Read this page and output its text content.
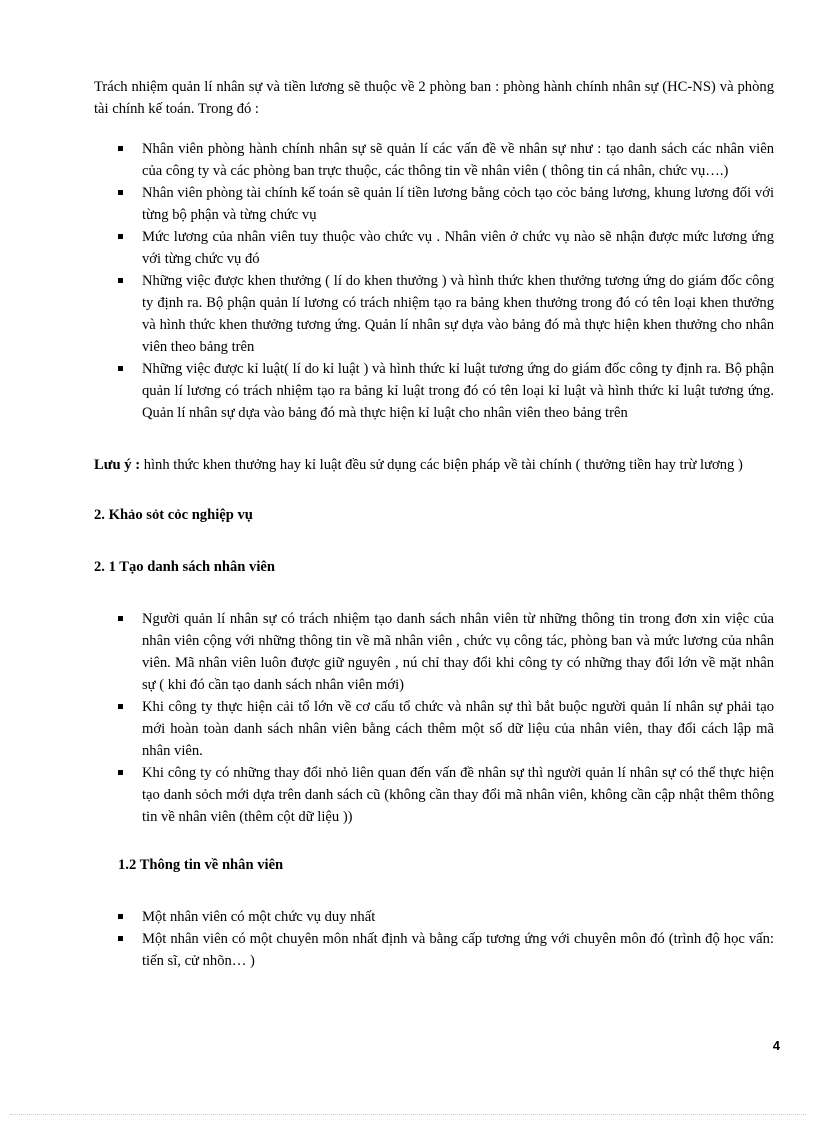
Trách nhiệm quản lí nhân sự và tiền lương sẽ thuộc về 2 phòng ban : phòng hành chính nhân sự (HC-NS) và phòng tài chính kế toán. Trong đó :

Nhân viên phòng hành chính nhân sự sẽ quản lí các vấn đề về nhân sự như : tạo danh sách các nhân viên của công ty và các phòng ban trực thuộc, các thông tin về nhân viên ( thông tin cá nhân, chức vụ….)
Nhân viên phòng tài chính kế toán sẽ quản lí tiền lương bằng cỏch tạo cỏc bảng lương, khung lương đối với từng bộ phận và từng chức vụ
Mức lương của nhân viên tuy thuộc vào chức vụ . Nhân viên ở chức vụ nào sẽ nhận được mức lương ứng với từng chức vụ đó
Những việc được khen thưởng ( lí do khen thưởng ) và hình thức khen thưởng tương ứng do giám đốc công ty định ra. Bộ phận quản lí lương có trách nhiệm tạo ra bảng khen thưởng trong đó có tên loại khen thưởng và hình thức khen thưởng tương ứng. Quản lí nhân sự dựa vào bảng đó mà thực hiện khen thưởng cho nhân viên theo bảng trên
Những việc được kỉ luật( lí do kỉ luật ) và hình thức kỉ luật tương ứng do giám đốc công ty định ra. Bộ phận quản lí lương có trách nhiệm tạo ra bảng kỉ luật trong đó có tên loại kỉ luật và hình thức kỉ luật tương ứng. Quản lí nhân sự dựa vào bảng đó mà thực hiện kỉ luật cho nhân viên theo bảng trên

Lưu ý : hình thức khen thưởng hay kỉ luật đều sử dụng các biện pháp về tài chính ( thưởng tiền hay trừ lương )

2. Khảo sỏt cỏc nghiệp vụ
2. 1 Tạo danh sách nhân viên
Người quản lí nhân sự có trách nhiệm tạo danh sách nhân viên từ những thông tin trong đơn xin việc của nhân viên cộng với những thông tin về mã nhân viên , chức vụ công tác, phòng ban và mức lương của nhân viên. Mã nhân viên luôn được giữ nguyên , nú chỉ thay đổi khi công ty có những thay đổi lớn về mặt nhân sự ( khi đó cần tạo danh sách nhân viên mới)
Khi công ty thực hiện cải tổ lớn về cơ cấu tổ chức và nhân sự thì bắt buộc người quản lí nhân sự phải tạo mới hoàn toàn danh sách nhân viên bằng cách thêm một số dữ liệu của nhân viên, thay đổi cách lập mã nhân viên.
Khi công ty có những thay đổi nhỏ liên quan đến vấn đề nhân sự thì người quản lí nhân sự có thể thực hiện tạo danh sỏch mới dựa trên danh sách cũ (không cần thay đổi mã nhân viên, không cần cập nhật thêm thông tin về nhân viên (thêm cột dữ liệu ))
1.2 Thông tin về nhân viên
Một nhân viên có một chức vụ duy nhất
Một nhân viên có một chuyên môn nhất định và bằng cấp tương ứng với chuyên môn đó (trình độ học vấn: tiến sĩ, cử nhõn… )
4
